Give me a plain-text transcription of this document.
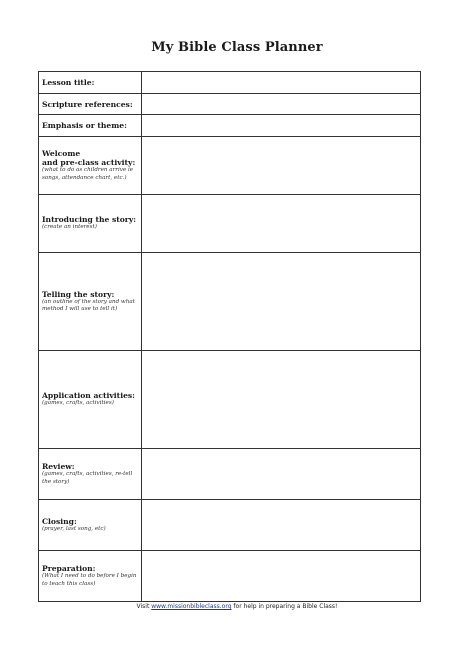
My Bible Class Planner
Lesson title:	

Scripture references:	

Emphasis or theme:	

Welcome
and pre-class activity:
(what to do as children arrive ie songs, attendance chart, etc.)	

Introducing the story:
(create an interest)	

Telling the story:
(an outline of the story and what method I will use to tell it)	

Application activities:
(games, crafts, activities)	

Review:
(games, crafts, activities, re-tell the story)	

Closing:
(prayer, last song, etc)	

Preparation:
(What I need to do before I begin to teach this class)	

Visit www.missionbibleclass.org for help in preparing a Bible Class!
